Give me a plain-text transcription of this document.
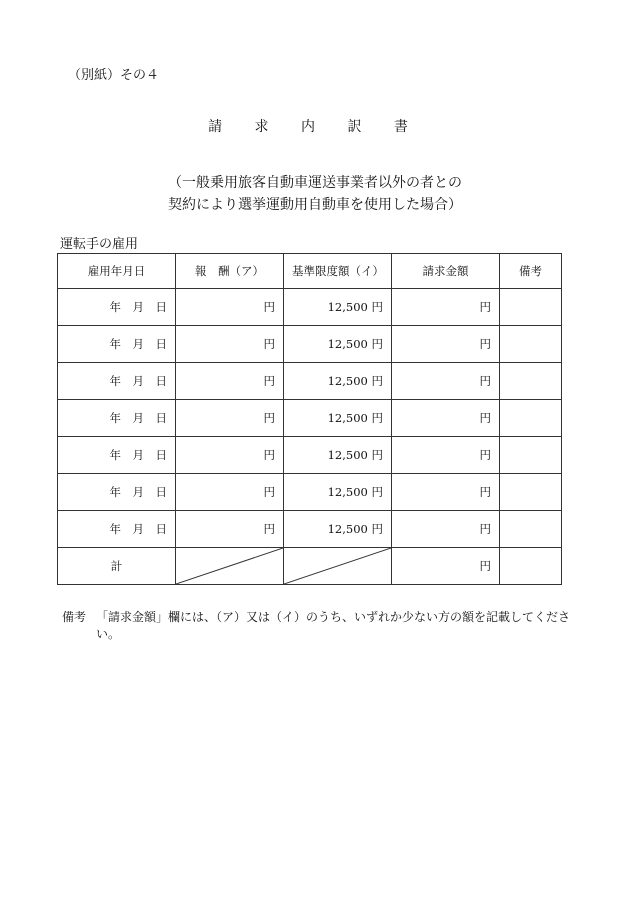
（別紙）その４
請 求 内 訳 書
（一般乗用旅客自動車運送事業者以外の者との
契約により選挙運動用自動車を使用した場合）
運転手の雇用
雇用年月日	報　酬（ア）	基準限度額（イ）	請求金額	備考
年　月　日	円	12,500 円	円	
年　月　日	円	12,500 円	円	
年　月　日	円	12,500 円	円	
年　月　日	円	12,500 円	円	
年　月　日	円	12,500 円	円	
年　月　日	円	12,500 円	円	
年　月　日	円	12,500 円	円	
計			円	
備考 「請求金額」欄には、（ア）又は（イ）のうち、いずれか少ない方の額を記載してください。
